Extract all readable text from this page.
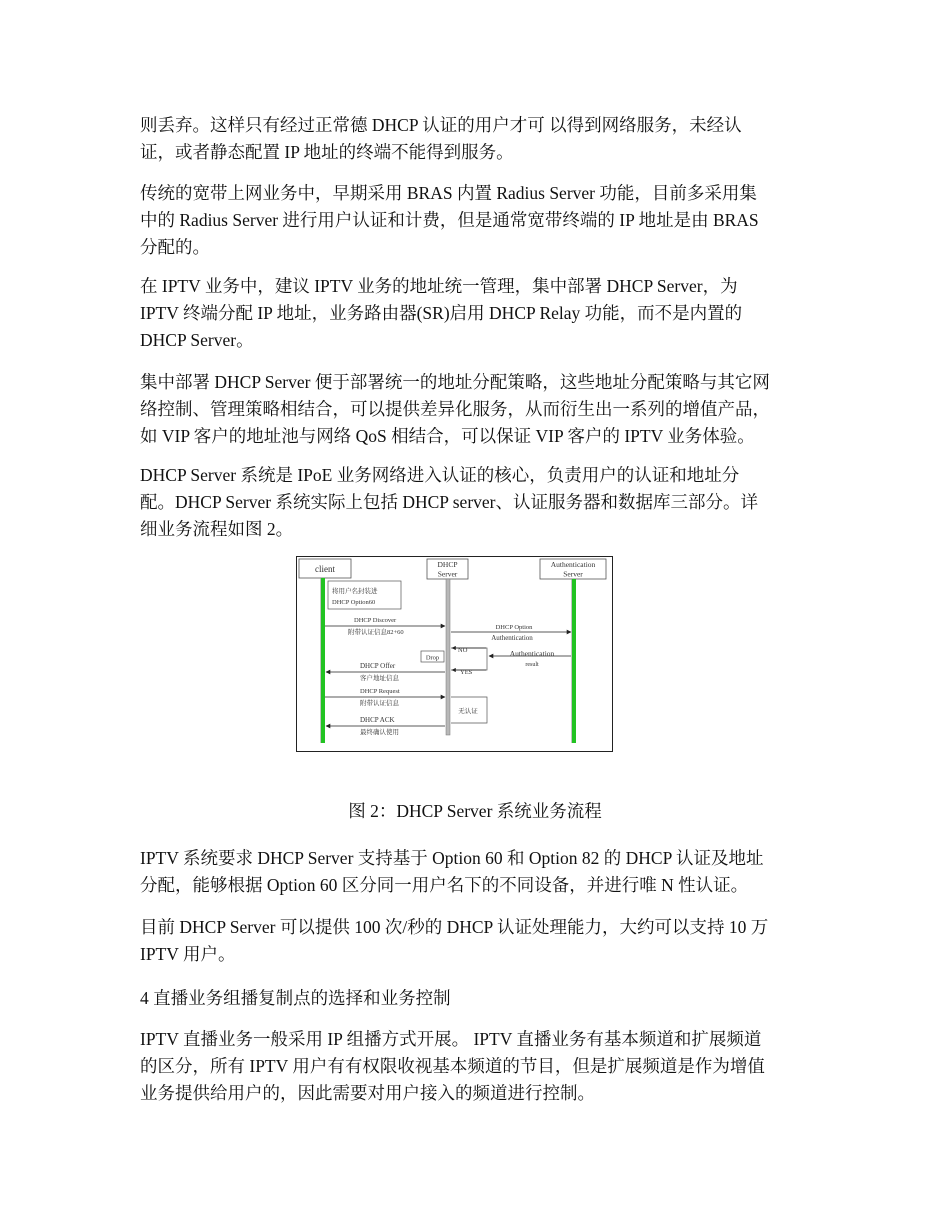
则丢弃。这样只有经过正常德 DHCP 认证的用户才可 以得到网络服务，未经认
证，或者静态配置 IP 地址的终端不能得到服务。

传统的宽带上网业务中，早期采用 BRAS 内置 Radius Server 功能，目前多采用集
中的 Radius Server 进行用户认证和计费，但是通常宽带终端的 IP 地址是由 BRAS
分配的。

在 IPTV 业务中，建议 IPTV 业务的地址统一管理，集中部署 DHCP Server，为
IPTV 终端分配 IP 地址，业务路由器(SR)启用 DHCP Relay 功能，而不是内置的
DHCP Server。

集中部署 DHCP Server 便于部署统一的地址分配策略，这些地址分配策略与其它网
络控制、管理策略相结合，可以提供差异化服务，从而衍生出一系列的增值产品，
如 VIP 客户的地址池与网络 QoS 相结合，可以保证 VIP 客户的 IPTV 业务体验。

DHCP Server 系统是 IPoE 业务网络进入认证的核心，负责用户的认证和地址分
配。DHCP Server 系统实际上包括 DHCP server、认证服务器和数据库三部分。详
细业务流程如图 2。

client	DHCP
Server
Authentication
Server
将用户名封装进
DHCP Option60
DHCP Discover
附带认证信息82+60
DHCP Option
Authentication
NO
YES
Authentication
result
Drop
DHCP Offer
客户地址信息
DHCP Request
附带认证信息
无认证
DHCP ACK
最终确认使用
图 2：DHCP Server 系统业务流程

IPTV 系统要求 DHCP Server 支持基于 Option 60 和 Option 82 的 DHCP 认证及地址
分配，能够根据 Option 60 区分同一用户名下的不同设备，并进行唯 N 性认证。

目前 DHCP Server 可以提供 100 次/秒的 DHCP 认证处理能力，大约可以支持 10 万
IPTV 用户。

4 直播业务组播复制点的选择和业务控制

IPTV 直播业务一般采用 IP 组播方式开展。 IPTV 直播业务有基本频道和扩展频道
的区分，所有 IPTV 用户有有权限收视基本频道的节目，但是扩展频道是作为增值
业务提供给用户的，因此需要对用户接入的频道进行控制。
